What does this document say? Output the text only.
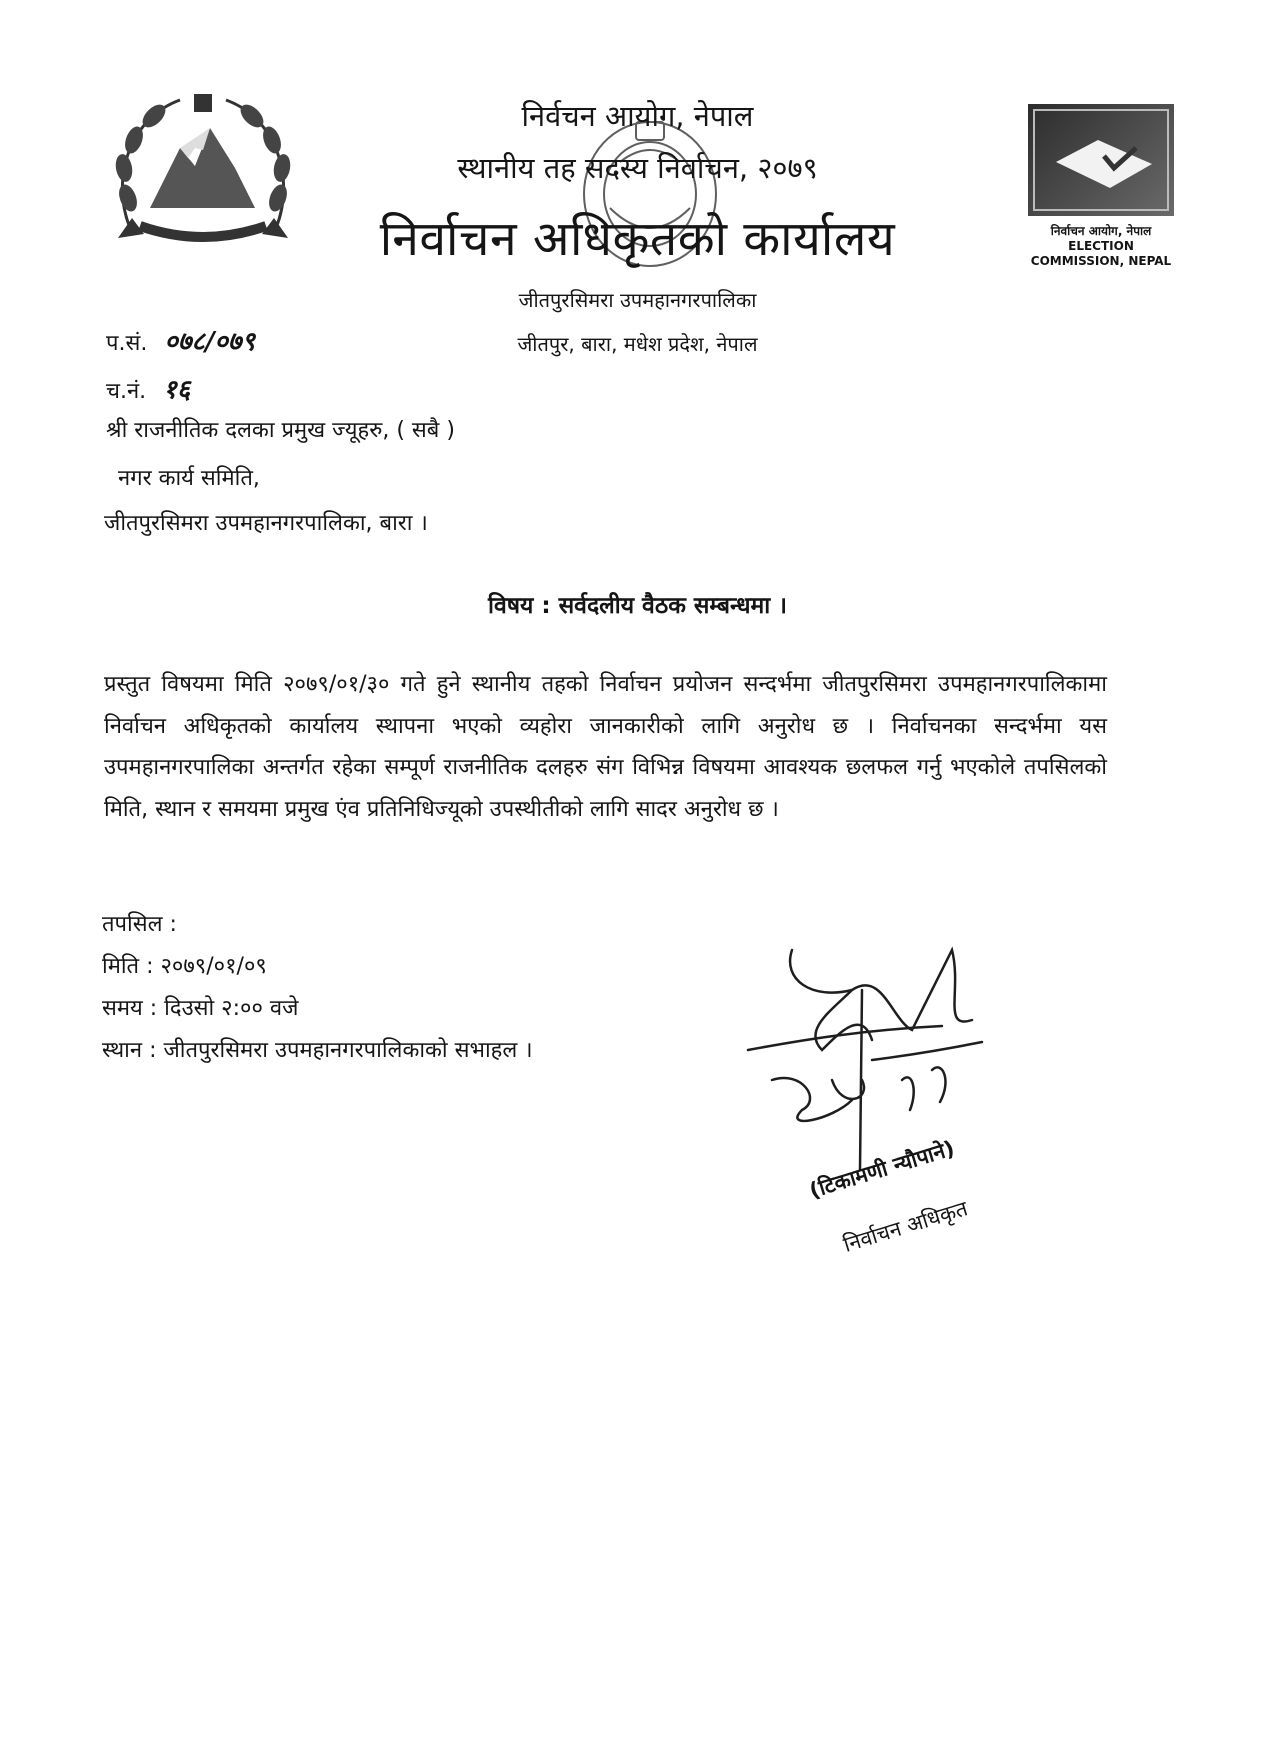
निर्वाचन आयोग, नेपाल
ELECTION COMMISSION, NEPAL
निर्वचन आयोग, नेपाल
स्थानीय तह सदस्य निर्वाचन, २०७९
निर्वाचन अधिकृतको कार्यालय
जीतपुरसिमरा उपमहानगरपालिका
जीतपुर, बारा, मधेश प्रदेश, नेपाल
प.सं. ०७८/०७९
च.नं. १६
श्री राजनीतिक दलका प्रमुख ज्यूहरु, ( सबै )
नगर कार्य समिति,
जीतपुरसिमरा उपमहानगरपालिका, बारा ।
विषय : सर्वदलीय वैठक सम्बन्धमा ।
प्रस्तुत विषयमा मिति २०७९/०१/३० गते हुने स्थानीय तहको निर्वाचन प्रयोजन सन्दर्भमा जीतपुरसिमरा उपमहानगरपालिकामा निर्वाचन अधिकृतको कार्यालय स्थापना भएको व्यहोरा जानकारीको लागि अनुरोध छ । निर्वाचनका सन्दर्भमा यस उपमहानगरपालिका अन्तर्गत रहेका सम्पूर्ण राजनीतिक दलहरु संग विभिन्न विषयमा आवश्यक छलफल गर्नु भएकोले तपसिलको मिति, स्थान र समयमा प्रमुख एंव प्रतिनिधिज्यूको उपस्थीतीको लागि सादर अनुरोध छ ।
तपसिल :
मिति : २०७९/०१/०९
समय : दिउसो २:०० वजे
स्थान : जीतपुरसिमरा उपमहानगरपालिकाको सभाहल ।
(टिकामणी न्यौपाने)
निर्वाचन अधिकृत
